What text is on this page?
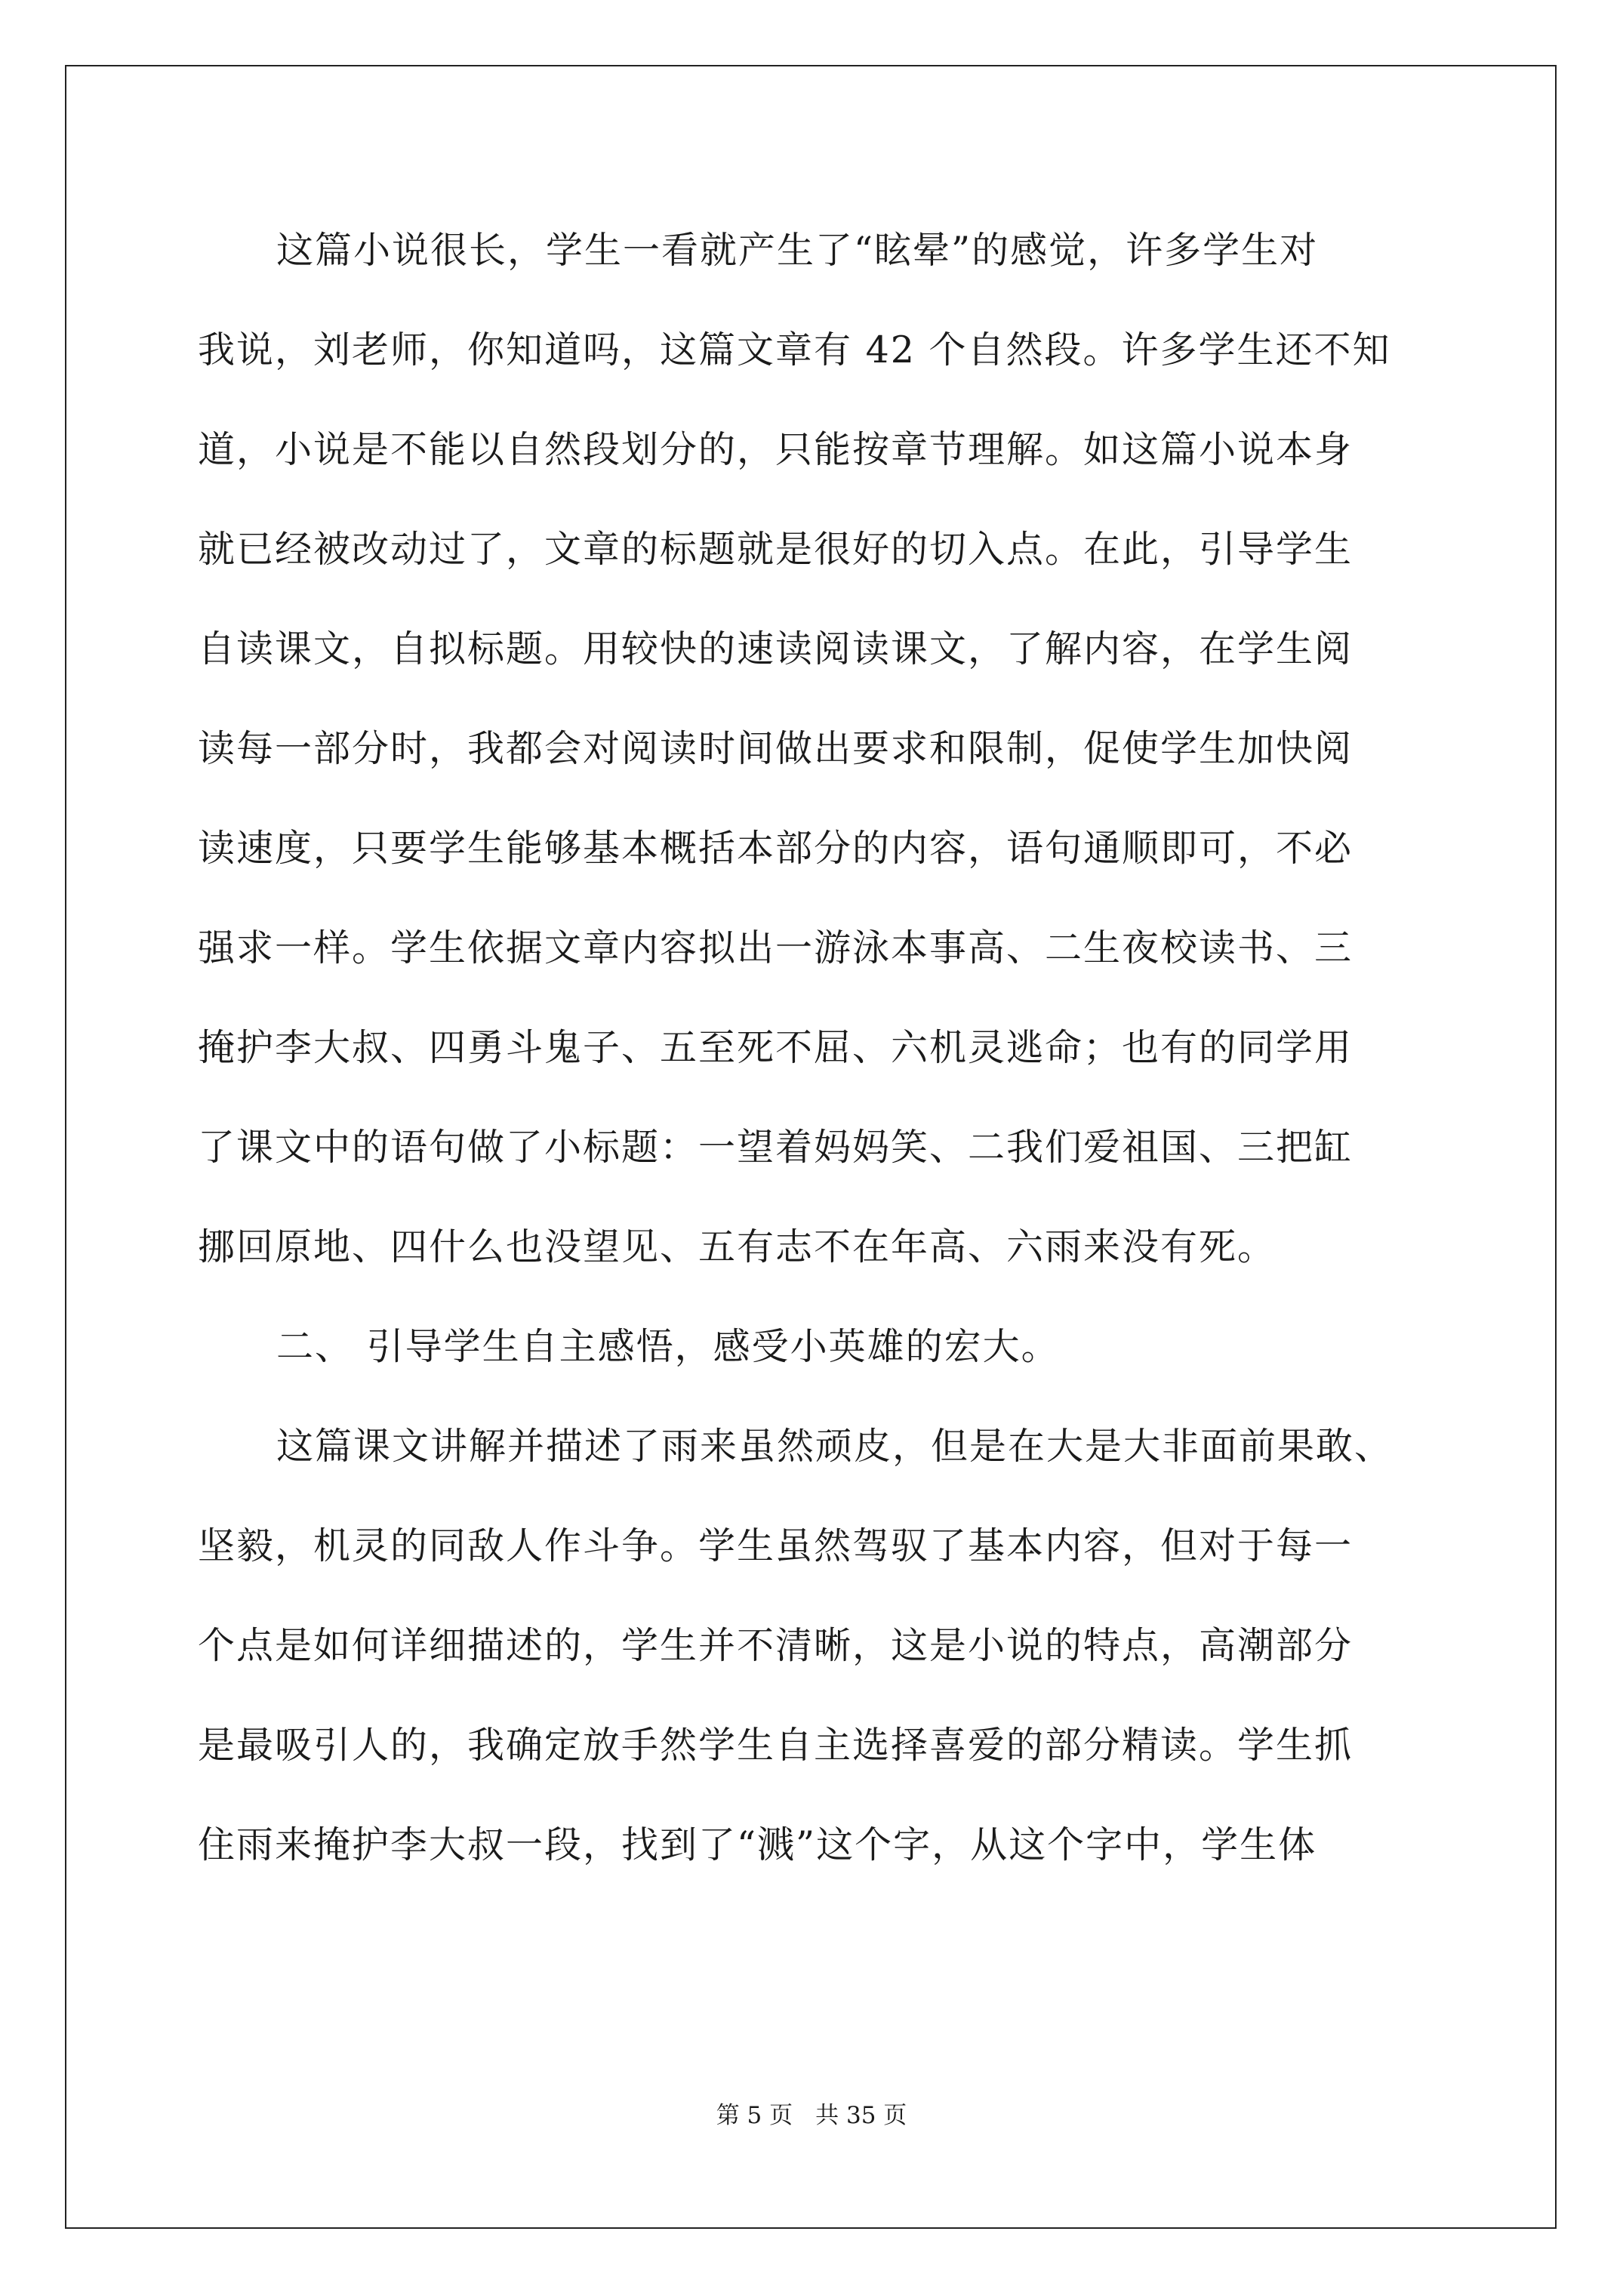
这篇小说很长，学生一看就产生了“眩晕”的感觉，许多学生对
我说，刘老师，你知道吗，这篇文章有 42 个自然段。许多学生还不知
道，小说是不能以自然段划分的，只能按章节理解。如这篇小说本身
就已经被改动过了，文章的标题就是很好的切入点。在此，引导学生
自读课文，自拟标题。用较快的速读阅读课文，了解内容，在学生阅
读每一部分时，我都会对阅读时间做出要求和限制，促使学生加快阅
读速度，只要学生能够基本概括本部分的内容，语句通顺即可，不必
强求一样。学生依据文章内容拟出一游泳本事高、二生夜校读书、三
掩护李大叔、四勇斗鬼子、五至死不屈、六机灵逃命；也有的同学用
了课文中的语句做了小标题：一望着妈妈笑、二我们爱祖国、三把缸
挪回原地、四什么也没望见、五有志不在年高、六雨来没有死。
二、 引导学生自主感悟，感受小英雄的宏大。
这篇课文讲解并描述了雨来虽然顽皮，但是在大是大非面前果敢、
坚毅，机灵的同敌人作斗争。学生虽然驾驭了基本内容，但对于每一
个点是如何详细描述的，学生并不清晰，这是小说的特点，高潮部分
是最吸引人的，我确定放手然学生自主选择喜爱的部分精读。学生抓
住雨来掩护李大叔一段，找到了“溅”这个字，从这个字中，学生体
第 5 页 共 35 页
